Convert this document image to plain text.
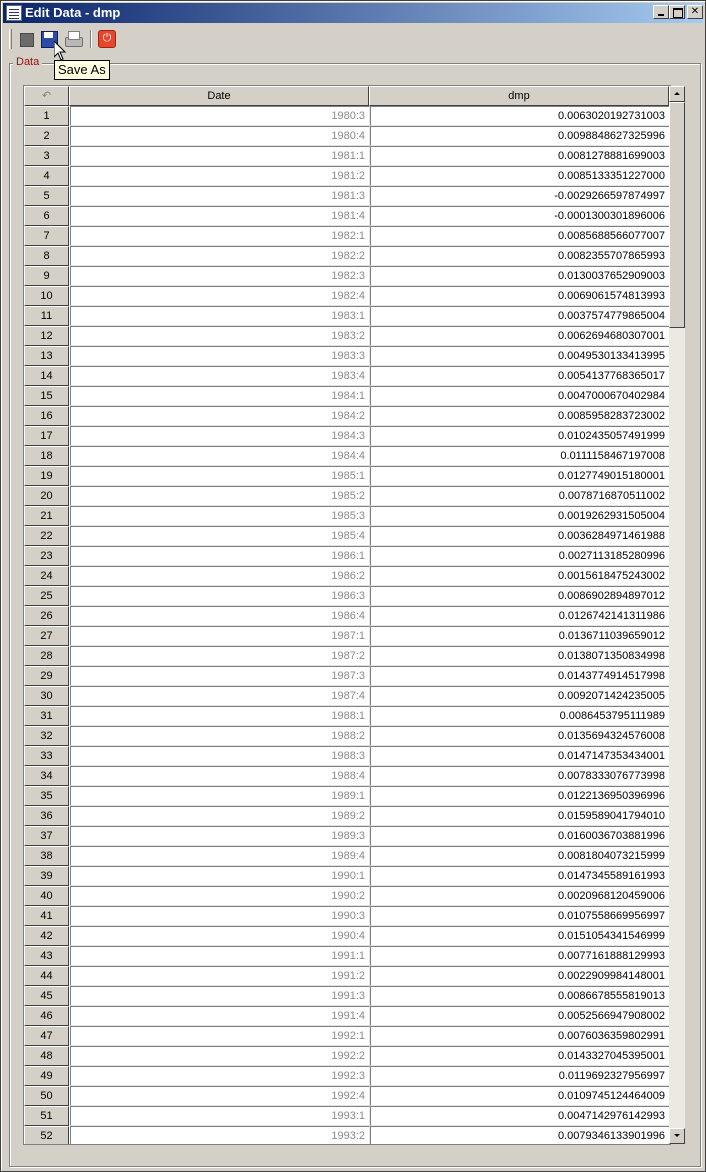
Edit Data - dmp	✕
⏻
Save As
Data
↶	Date	dmp
1	1980:3	0.0063020192731003
2	1980:4	0.0098848627325996
3	1981:1	0.0081278881699003
4	1981:2	0.0085133351227000
5	1981:3	-0.0029266597874997
6	1981:4	-0.0001300301896006
7	1982:1	0.0085688566077007
8	1982:2	0.0082355707865993
9	1982:3	0.0130037652909003
10	1982:4	0.0069061574813993
11	1983:1	0.0037574779865004
12	1983:2	0.0062694680307001
13	1983:3	0.0049530133413995
14	1983:4	0.0054137768365017
15	1984:1	0.0047000670402984
16	1984:2	0.0085958283723002
17	1984:3	0.0102435057491999
18	1984:4	0.0111158467197008
19	1985:1	0.0127749015180001
20	1985:2	0.0078716870511002
21	1985:3	0.0019262931505004
22	1985:4	0.0036284971461988
23	1986:1	0.0027113185280996
24	1986:2	0.0015618475243002
25	1986:3	0.0086902894897012
26	1986:4	0.0126742141311986
27	1987:1	0.0136711039659012
28	1987:2	0.0138071350834998
29	1987:3	0.0143774914517998
30	1987:4	0.0092071424235005
31	1988:1	0.0086453795111989
32	1988:2	0.0135694324576008
33	1988:3	0.0147147353434001
34	1988:4	0.0078333076773998
35	1989:1	0.0122136950396996
36	1989:2	0.0159589041794010
37	1989:3	0.0160036703881996
38	1989:4	0.0081804073215999
39	1990:1	0.0147345589161993
40	1990:2	0.0020968120459006
41	1990:3	0.0107558669956997
42	1990:4	0.0151054341546999
43	1991:1	0.0077161888129993
44	1991:2	0.0022909984148001
45	1991:3	0.0086678555819013
46	1991:4	0.0052566947908002
47	1992:1	0.0076036359802991
48	1992:2	0.0143327045395001
49	1992:3	0.0119692327956997
50	1992:4	0.0109745124464009
51	1993:1	0.0047142976142993
52	1993:2	0.0079346133901996
